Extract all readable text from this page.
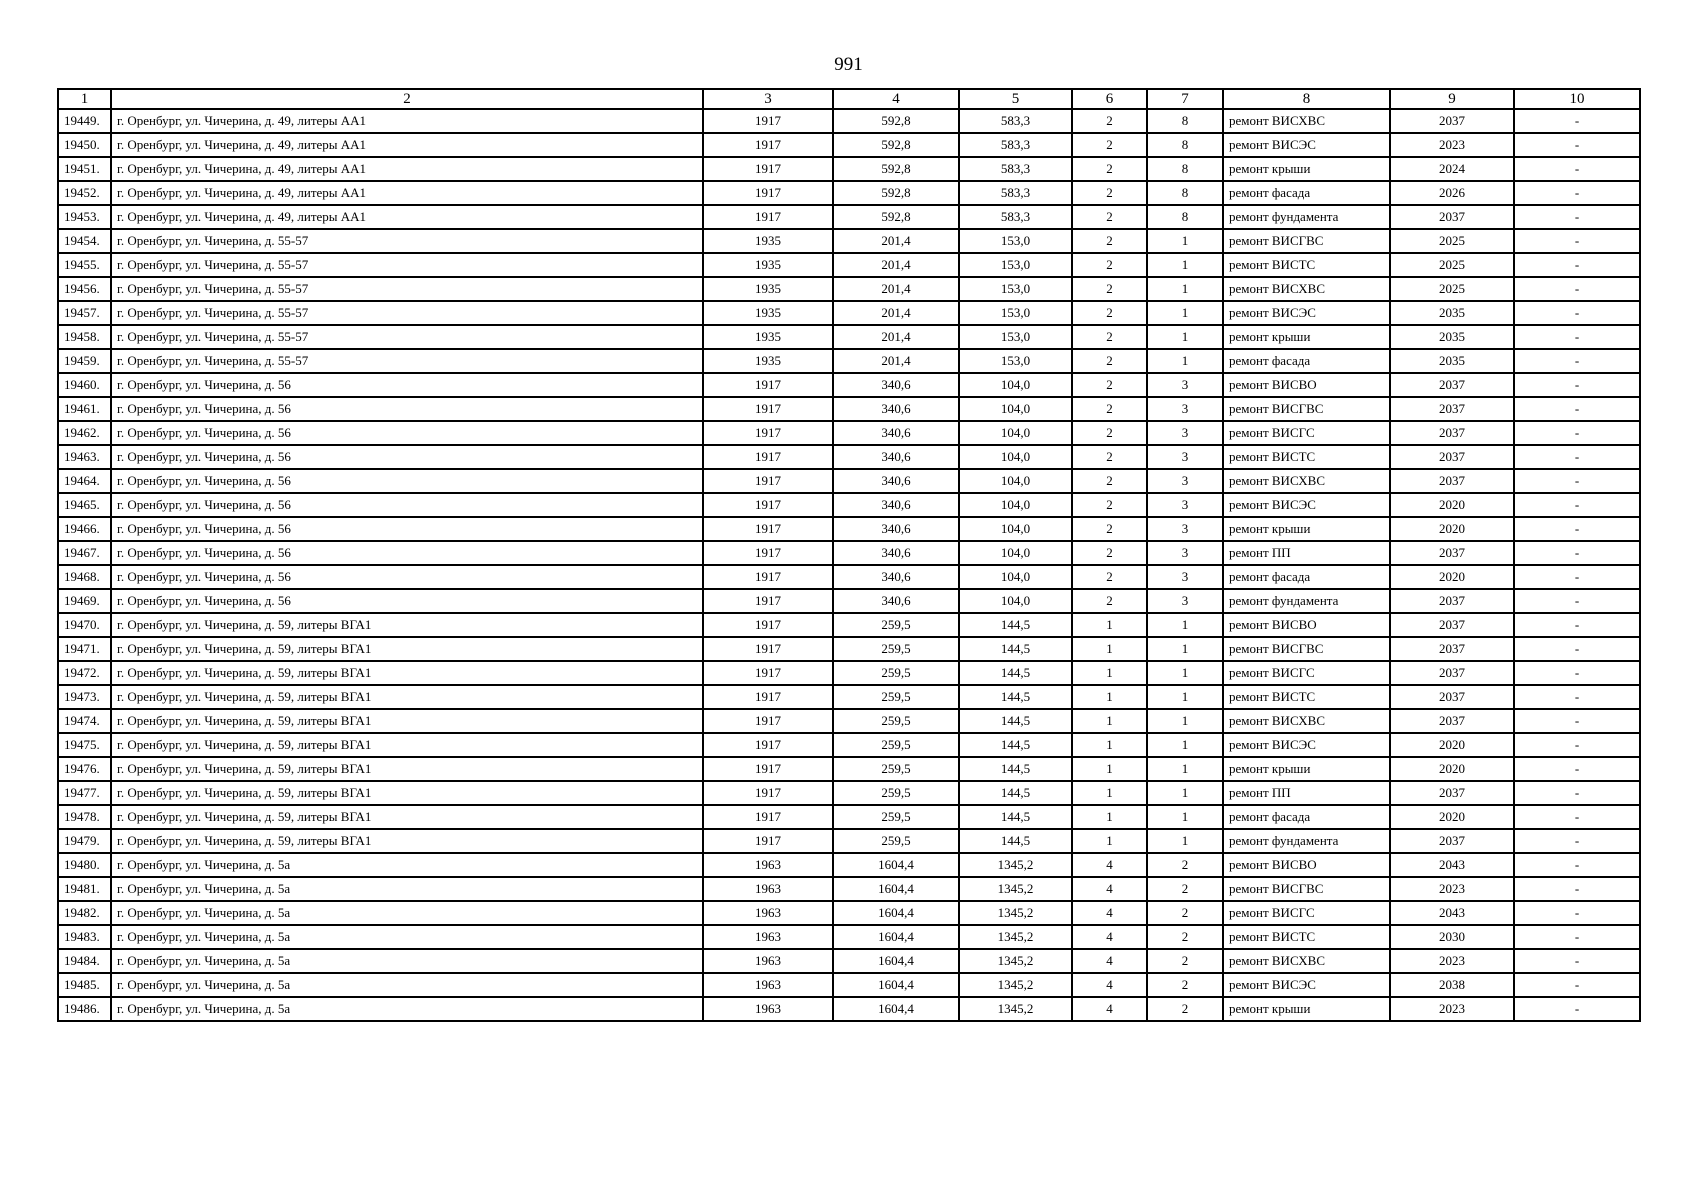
991
1	2	3	4	5	6	7	8	9	10
19449.	г. Оренбург, ул. Чичерина, д. 49, литеры АА1	1917	592,8	583,3	2	8	ремонт ВИСХВС	2037	-
19450.	г. Оренбург, ул. Чичерина, д. 49, литеры АА1	1917	592,8	583,3	2	8	ремонт ВИСЭС	2023	-
19451.	г. Оренбург, ул. Чичерина, д. 49, литеры АА1	1917	592,8	583,3	2	8	ремонт крыши	2024	-
19452.	г. Оренбург, ул. Чичерина, д. 49, литеры АА1	1917	592,8	583,3	2	8	ремонт фасада	2026	-
19453.	г. Оренбург, ул. Чичерина, д. 49, литеры АА1	1917	592,8	583,3	2	8	ремонт фундамента	2037	-
19454.	г. Оренбург, ул. Чичерина, д. 55-57	1935	201,4	153,0	2	1	ремонт ВИСГВС	2025	-
19455.	г. Оренбург, ул. Чичерина, д. 55-57	1935	201,4	153,0	2	1	ремонт ВИСТС	2025	-
19456.	г. Оренбург, ул. Чичерина, д. 55-57	1935	201,4	153,0	2	1	ремонт ВИСХВС	2025	-
19457.	г. Оренбург, ул. Чичерина, д. 55-57	1935	201,4	153,0	2	1	ремонт ВИСЭС	2035	-
19458.	г. Оренбург, ул. Чичерина, д. 55-57	1935	201,4	153,0	2	1	ремонт крыши	2035	-
19459.	г. Оренбург, ул. Чичерина, д. 55-57	1935	201,4	153,0	2	1	ремонт фасада	2035	-
19460.	г. Оренбург, ул. Чичерина, д. 56	1917	340,6	104,0	2	3	ремонт ВИСВО	2037	-
19461.	г. Оренбург, ул. Чичерина, д. 56	1917	340,6	104,0	2	3	ремонт ВИСГВС	2037	-
19462.	г. Оренбург, ул. Чичерина, д. 56	1917	340,6	104,0	2	3	ремонт ВИСГС	2037	-
19463.	г. Оренбург, ул. Чичерина, д. 56	1917	340,6	104,0	2	3	ремонт ВИСТС	2037	-
19464.	г. Оренбург, ул. Чичерина, д. 56	1917	340,6	104,0	2	3	ремонт ВИСХВС	2037	-
19465.	г. Оренбург, ул. Чичерина, д. 56	1917	340,6	104,0	2	3	ремонт ВИСЭС	2020	-
19466.	г. Оренбург, ул. Чичерина, д. 56	1917	340,6	104,0	2	3	ремонт крыши	2020	-
19467.	г. Оренбург, ул. Чичерина, д. 56	1917	340,6	104,0	2	3	ремонт ПП	2037	-
19468.	г. Оренбург, ул. Чичерина, д. 56	1917	340,6	104,0	2	3	ремонт фасада	2020	-
19469.	г. Оренбург, ул. Чичерина, д. 56	1917	340,6	104,0	2	3	ремонт фундамента	2037	-
19470.	г. Оренбург, ул. Чичерина, д. 59, литеры ВГА1	1917	259,5	144,5	1	1	ремонт ВИСВО	2037	-
19471.	г. Оренбург, ул. Чичерина, д. 59, литеры ВГА1	1917	259,5	144,5	1	1	ремонт ВИСГВС	2037	-
19472.	г. Оренбург, ул. Чичерина, д. 59, литеры ВГА1	1917	259,5	144,5	1	1	ремонт ВИСГС	2037	-
19473.	г. Оренбург, ул. Чичерина, д. 59, литеры ВГА1	1917	259,5	144,5	1	1	ремонт ВИСТС	2037	-
19474.	г. Оренбург, ул. Чичерина, д. 59, литеры ВГА1	1917	259,5	144,5	1	1	ремонт ВИСХВС	2037	-
19475.	г. Оренбург, ул. Чичерина, д. 59, литеры ВГА1	1917	259,5	144,5	1	1	ремонт ВИСЭС	2020	-
19476.	г. Оренбург, ул. Чичерина, д. 59, литеры ВГА1	1917	259,5	144,5	1	1	ремонт крыши	2020	-
19477.	г. Оренбург, ул. Чичерина, д. 59, литеры ВГА1	1917	259,5	144,5	1	1	ремонт ПП	2037	-
19478.	г. Оренбург, ул. Чичерина, д. 59, литеры ВГА1	1917	259,5	144,5	1	1	ремонт фасада	2020	-
19479.	г. Оренбург, ул. Чичерина, д. 59, литеры ВГА1	1917	259,5	144,5	1	1	ремонт фундамента	2037	-
19480.	г. Оренбург, ул. Чичерина, д. 5а	1963	1604,4	1345,2	4	2	ремонт ВИСВО	2043	-
19481.	г. Оренбург, ул. Чичерина, д. 5а	1963	1604,4	1345,2	4	2	ремонт ВИСГВС	2023	-
19482.	г. Оренбург, ул. Чичерина, д. 5а	1963	1604,4	1345,2	4	2	ремонт ВИСГС	2043	-
19483.	г. Оренбург, ул. Чичерина, д. 5а	1963	1604,4	1345,2	4	2	ремонт ВИСТС	2030	-
19484.	г. Оренбург, ул. Чичерина, д. 5а	1963	1604,4	1345,2	4	2	ремонт ВИСХВС	2023	-
19485.	г. Оренбург, ул. Чичерина, д. 5а	1963	1604,4	1345,2	4	2	ремонт ВИСЭС	2038	-
19486.	г. Оренбург, ул. Чичерина, д. 5а	1963	1604,4	1345,2	4	2	ремонт крыши	2023	-
